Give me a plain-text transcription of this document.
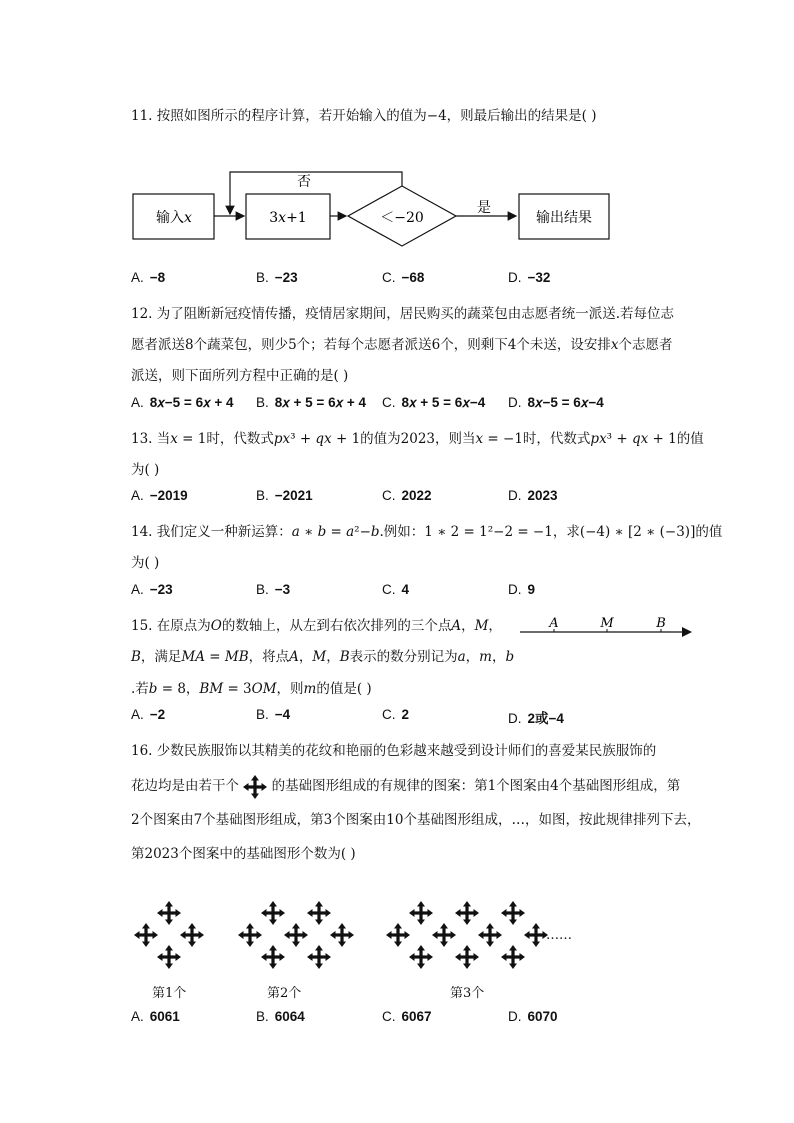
11. 按照如图所示的程序计算，若开始输入的值为−4，则最后输出的结果是( )
输入𝑥	3𝑥+1	＜−20
否
是
输出结果
A. −8	B. −23	C. −68	D. −32
12. 为了阻断新冠疫情传播，疫情居家期间，居民购买的蔬菜包由志愿者统一派送.若每位志
愿者派送8个蔬菜包，则少5个；若每个志愿者派送6个，则剩下4个未送，设安排𝑥个志愿者
派送，则下面所列方程中正确的是( )
A. 8𝑥−5 = 6𝑥 + 4 B. 8𝑥 + 5 = 6𝑥 + 4 C. 8𝑥 + 5 = 6𝑥−4 D. 8𝑥−5 = 6𝑥−4
13. 当𝑥 = 1时，代数式𝑝𝑥³ + 𝑞𝑥 + 1的值为2023，则当𝑥 = −1时，代数式𝑝𝑥³ + 𝑞𝑥 + 1的值
为( )
A. −2019	B. −2021	C. 2022	D. 2023
14. 我们定义一种新运算：𝑎 ∗ 𝑏 = 𝑎²−𝑏.例如：1 ∗ 2 = 1²−2 = −1，求(−4) ∗ [2 ∗ (−3)]的值
为( )
A. −23	B. −3	C. 4	D. 9
15. 在原点为𝑂的数轴上，从左到右依次排列的三个点𝐴，𝑀，
𝐵，满足𝑀𝐴 = 𝑀𝐵，将点𝐴，𝑀，𝐵表示的数分别记为𝑎，𝑚，𝑏
.若𝑏 = 8，𝐵𝑀 = 3𝑂𝑀，则𝑚的值是( )
𝐴	𝑀	𝐵
A. −2	B. −4	C. 2	D. 2或−4
16. 少数民族服饰以其精美的花纹和艳丽的色彩越来越受到设计师们的喜爱某民族服饰的
花边均是由若干个 的基础图形组成的有规律的图案：第1个图案由4个基础图形组成，第
2个图案由7个基础图形组成，第3个图案由10个基础图形组成，…，如图，按此规律排列下去，
第2023个图案中的基础图形个数为( )
第1个	第2个	第3个
……
A. 6061	B. 6064	C. 6067	D. 6070
